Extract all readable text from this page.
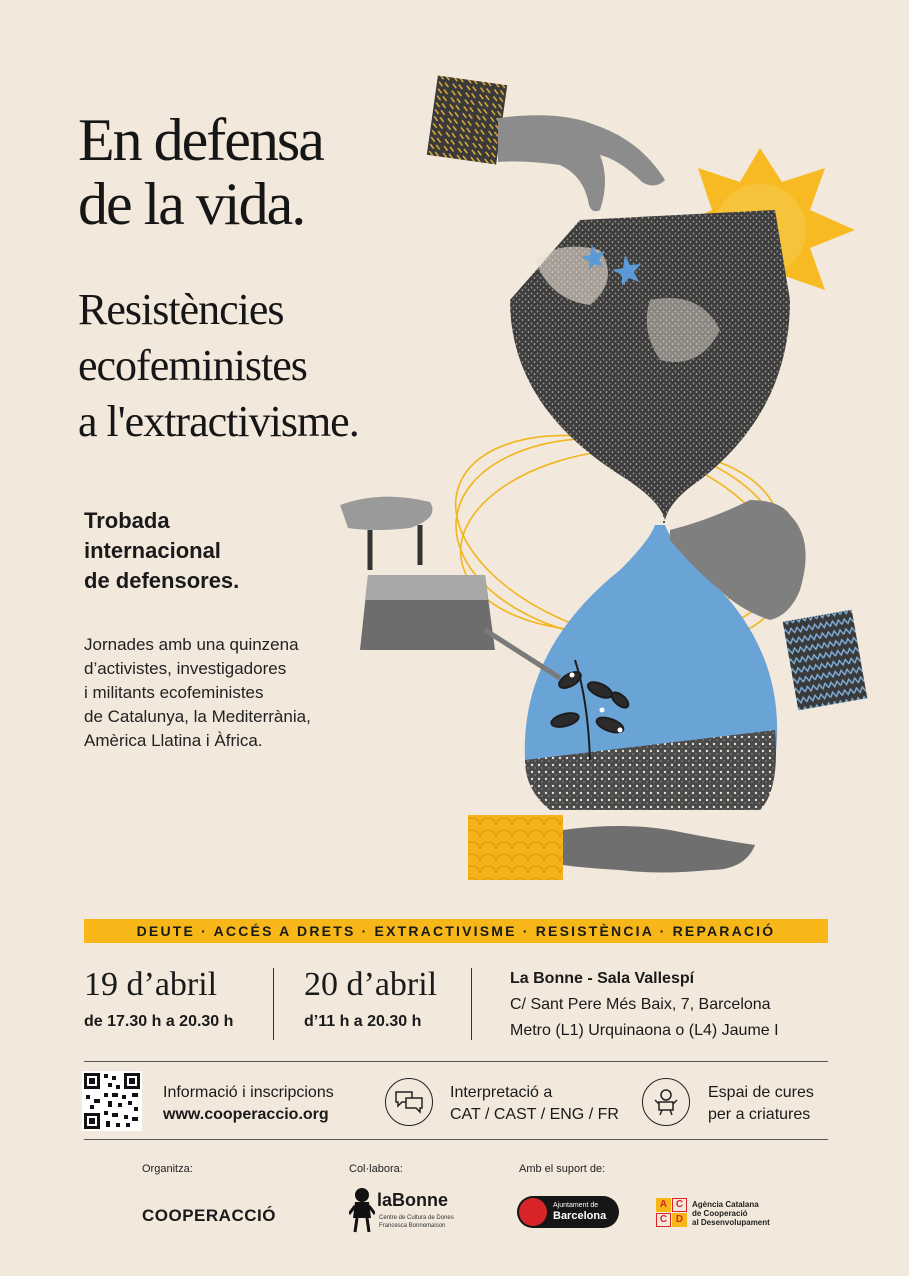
En defensa
de la vida.
Resistències
ecofeministes
a l'extractivisme.
Trobada
internacional
de defensores.
Jornades amb una quinzena
d’activistes, investigadores
i militants ecofeministes
de Catalunya, la Mediterrània,
Amèrica Llatina i Àfrica.
DEUTE · ACCÉS A DRETS · EXTRACTIVISME · RESISTÈNCIA · REPARACIÓ
19 d’abril
de 17.30 h a 20.30 h
20 d’abril
d’11 h a 20.30 h
La Bonne - Sala Vallespí
C/ Sant Pere Més Baix, 7, Barcelona
Metro (L1) Urquinaona o (L4) Jaume I
Informació i inscripcions
www.cooperaccio.org
Interpretació a
CAT / CAST / ENG / FR
Espai de cures
per a criatures
Organitza:
COOPERACCIÓ
Col·labora:
laBonne
Centre de Cultura de Dones
Francesca Bonnemaison
Amb el suport de:
Ajuntament de
Barcelona
A C
C D
Agència Catalana
de Cooperació
al Desenvolupament
